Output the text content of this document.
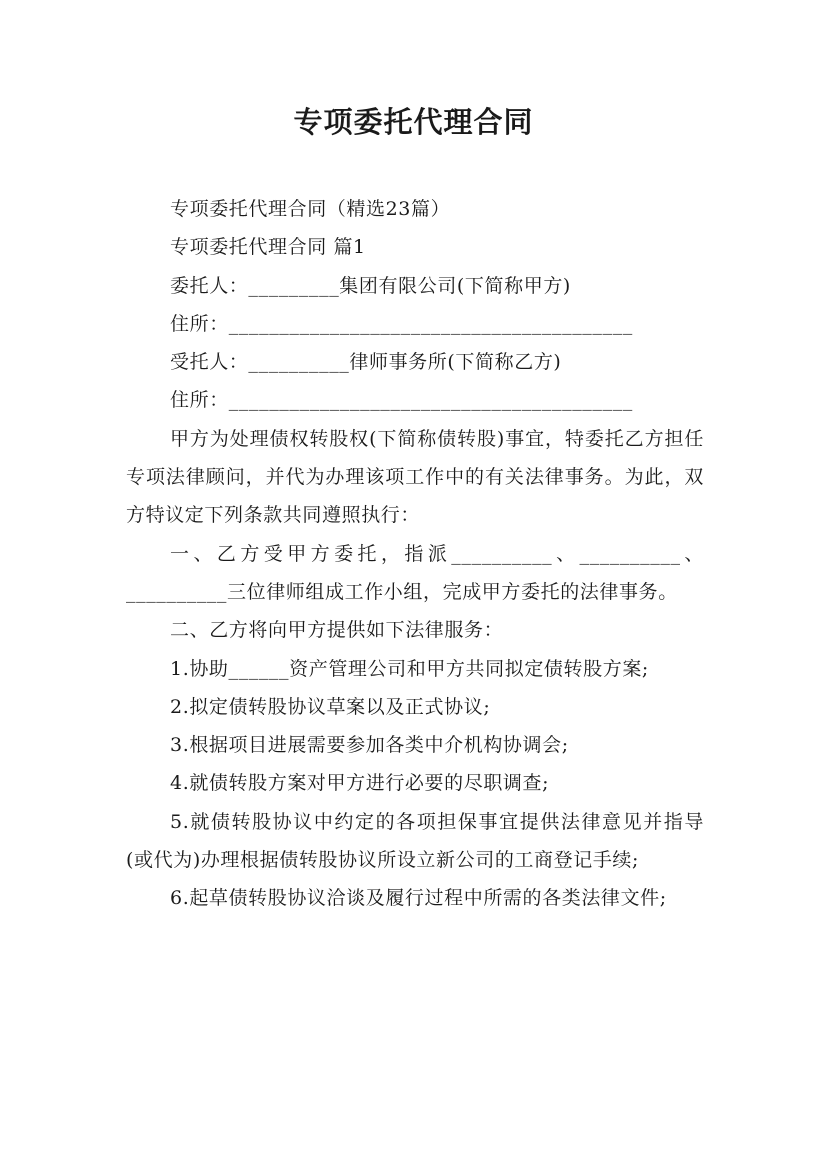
专项委托代理合同

专项委托代理合同（精选23篇）

专项委托代理合同 篇1

委托人：_________集团有限公司(下简称甲方)

住所：________________________________________

受托人：__________律师事务所(下简称乙方)

住所：________________________________________

甲方为处理债权转股权(下简称债转股)事宜，特委托乙方担任专项法律顾问，并代为办理该项工作中的有关法律事务。为此，双方特议定下列条款共同遵照执行：

一、乙方受甲方委托，指派__________、__________、__________三位律师组成工作小组，完成甲方委托的法律事务。

二、乙方将向甲方提供如下法律服务：

1.协助______资产管理公司和甲方共同拟定债转股方案;

2.拟定债转股协议草案以及正式协议;

3.根据项目进展需要参加各类中介机构协调会;

4.就债转股方案对甲方进行必要的尽职调查;

5.就债转股协议中约定的各项担保事宜提供法律意见并指导(或代为)办理根据债转股协议所设立新公司的工商登记手续;

6.起草债转股协议洽谈及履行过程中所需的各类法律文件;
